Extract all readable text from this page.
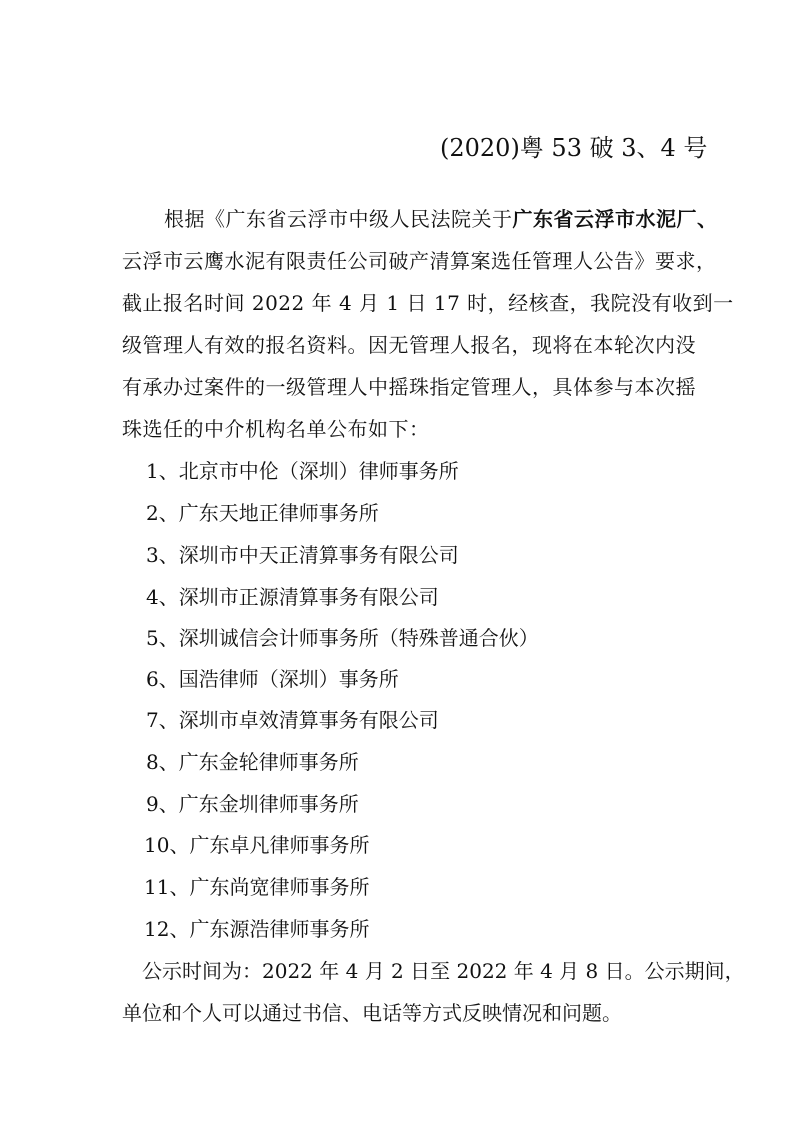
(2020)粤 53 破 3、4 号
根据《广东省云浮市中级人民法院关于广东省云浮市水泥厂、
云浮市云鹰水泥有限责任公司破产清算案选任管理人公告》要求，
截止报名时间 2022 年 4 月 1 日 17 时，经核查，我院没有收到一
级管理人有效的报名资料。因无管理人报名，现将在本轮次内没
有承办过案件的一级管理人中摇珠指定管理人，具体参与本次摇
珠选任的中介机构名单公布如下：
1、北京市中伦（深圳）律师事务所
2、广东天地正律师事务所
3、深圳市中天正清算事务有限公司
4、深圳市正源清算事务有限公司
5、深圳诚信会计师事务所（特殊普通合伙）
6、国浩律师（深圳）事务所
7、深圳市卓效清算事务有限公司
8、广东金轮律师事务所
9、广东金圳律师事务所
10、广东卓凡律师事务所
11、广东尚宽律师事务所
12、广东源浩律师事务所
公示时间为：2022 年 4 月 2 日至 2022 年 4 月 8 日。公示期间，
单位和个人可以通过书信、电话等方式反映情况和问题。
